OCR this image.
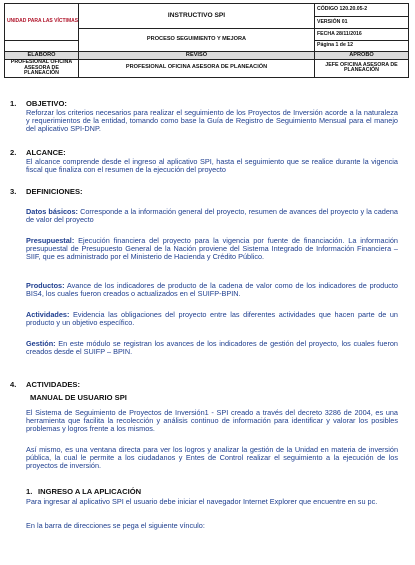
UNIDAD PARA LAS VÍCTIMAS	INSTRUCTIVO SPI	CÓDIGO 120.20.05-2
		VERSIÓN 01
	PROCESO SEGUIMIENTO Y MEJORA	FECHA 28/11/2016
		Página 1 de 12
ELABORÓ	REVISÓ	APROBÓ
PROFESIONAL OFICINA ASESORA DE PLANEACIÓN	PROFESIONAL OFICINA ASESORA DE PLANEACIÓN	JEFE OFICINA ASESORA DE PLANEACIÓN
1. OBJETIVO:
Reforzar los criterios necesarios para realizar el seguimiento de los Proyectos de Inversión acorde a la naturaleza y requerimientos de la entidad, tomando como base la Guía de Registro de Seguimiento Mensual para el manejo del aplicativo SPI-DNP.
2. ALCANCE:
El alcance comprende desde el ingreso al aplicativo SPI, hasta el seguimiento que se realice durante la vigencia fiscal que finaliza con el resumen de la ejecución del proyecto
3. DEFINICIONES:
Datos básicos: Corresponde a la información general del proyecto, resumen de avances del proyecto y la cadena de valor del proyecto
Presupuestal: Ejecución financiera del proyecto para la vigencia por fuente de financiación. La información presupuestal de Presupuesto General de la Nación proviene del Sistema Integrado de Información Financiera – SIIF, que es administrado por el Ministerio de Hacienda y Crédito Público.
Productos: Avance de los indicadores de producto de la cadena de valor como de los indicadores de producto BIS4, los cuales fueron creados o actualizados en el SUIFP-BPIN.
Actividades: Evidencia las obligaciones del proyecto entre las diferentes actividades que hacen parte de un producto y un objetivo específico.
Gestión: En este módulo se registran los avances de los indicadores de gestión del proyecto, los cuales fueron creados desde el SUIFP – BPIN.
4. ACTIVIDADES:
MANUAL DE USUARIO SPI
El Sistema de Seguimiento de Proyectos de Inversión1 - SPI creado a través del decreto 3286 de 2004, es una herramienta que facilita la recolección y análisis continuo de información para identificar y valorar los posibles problemas y logros frente a los mismos.
Así mismo, es una ventana directa para ver los logros y analizar la gestión de la Unidad en materia de inversión pública, la cual le permite a los ciudadanos y Entes de Control realizar el seguimiento a la ejecución de los proyectos de inversión.
1. INGRESO A LA APLICACIÓN
Para ingresar al aplicativo SPI el usuario debe iniciar el navegador Internet Explorer que encuentre en su pc.
En la barra de direcciones se pega el siguiente vínculo:
